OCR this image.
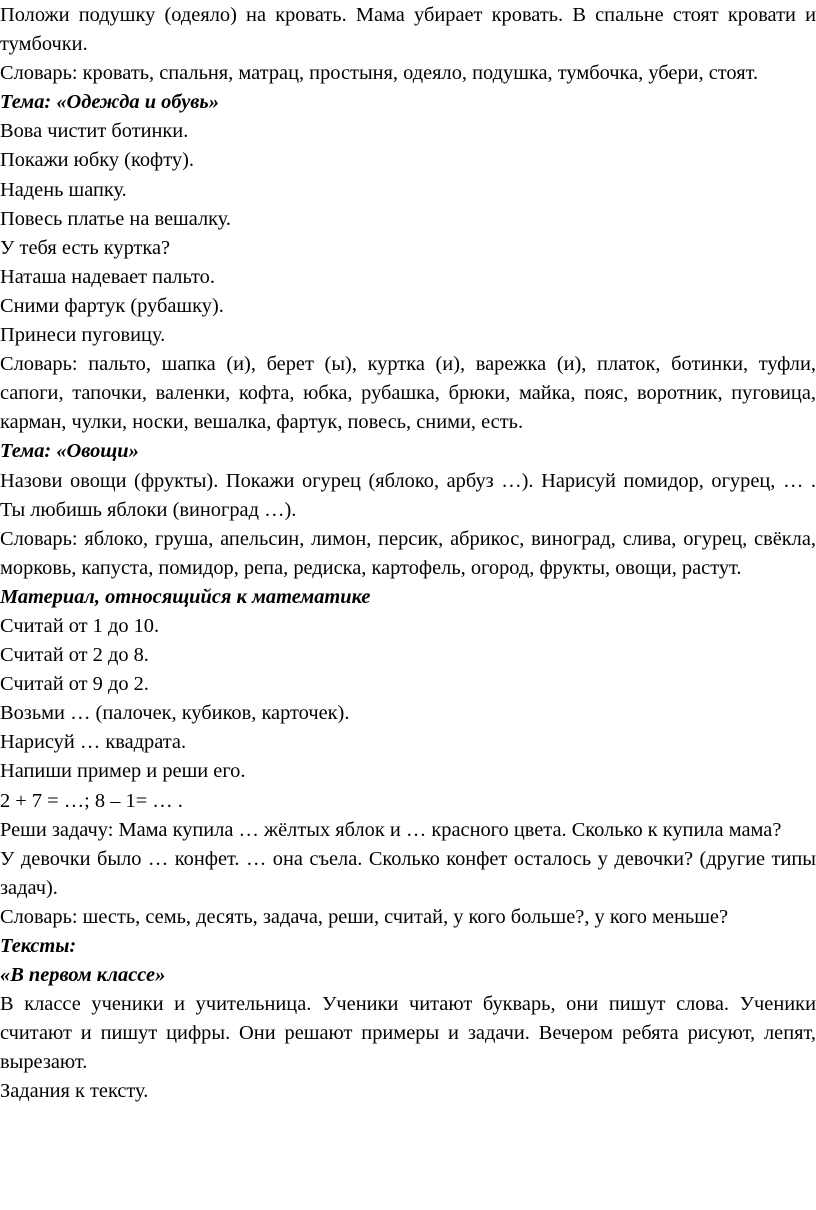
Положи подушку (одеяло) на кровать. Мама убирает кровать. В спальне стоят кровати и тумбочки.

Словарь: кровать, спальня, матрац, простыня, одеяло, подушка, тумбочка, убери, стоят.

Тема: «Одежда и обувь»

Вова чистит ботинки.

Покажи юбку (кофту).

Надень шапку.

Повесь платье на вешалку.

У тебя есть куртка?

Наташа надевает пальто.

Сними фартук (рубашку).

Принеси пуговицу.

Словарь: пальто, шапка (и), берет (ы), куртка (и), варежка (и), платок, ботинки, туфли, сапоги, тапочки, валенки, кофта, юбка, рубашка, брюки, майка, пояс, воротник, пуговица, карман, чулки, носки, вешалка, фартук, повесь, сними, есть.

Тема: «Овощи»

Назови овощи (фрукты). Покажи огурец (яблоко, арбуз …). Нарисуй помидор, огурец, … . Ты любишь яблоки (виноград …).

Словарь: яблоко, груша, апельсин, лимон, персик, абрикос, виноград, слива, огурец, свёкла, морковь, капуста, помидор, репа, редиска, картофель, огород, фрукты, овощи, растут.

Материал, относящийся к математике

Считай от 1 до 10.

Считай от 2 до 8.

Считай от 9 до 2.

Возьми … (палочек, кубиков, карточек).

Нарисуй … квадрата.

Напиши пример и реши его.

2 + 7 = …; 8 – 1= … .

Реши задачу: Мама купила … жёлтых яблок и … красного цвета. Сколько к купила мама?

У девочки было … конфет. … она съела. Сколько конфет осталось у девочки? (другие типы задач).

Словарь: шесть, семь, десять, задача, реши, считай, у кого больше?, у кого меньше?

Тексты:

«В первом классе»

В классе ученики и учительница. Ученики читают букварь, они пишут слова. Ученики считают и пишут цифры. Они решают примеры и задачи. Вечером ребята рисуют, лепят, вырезают.

Задания к тексту.
